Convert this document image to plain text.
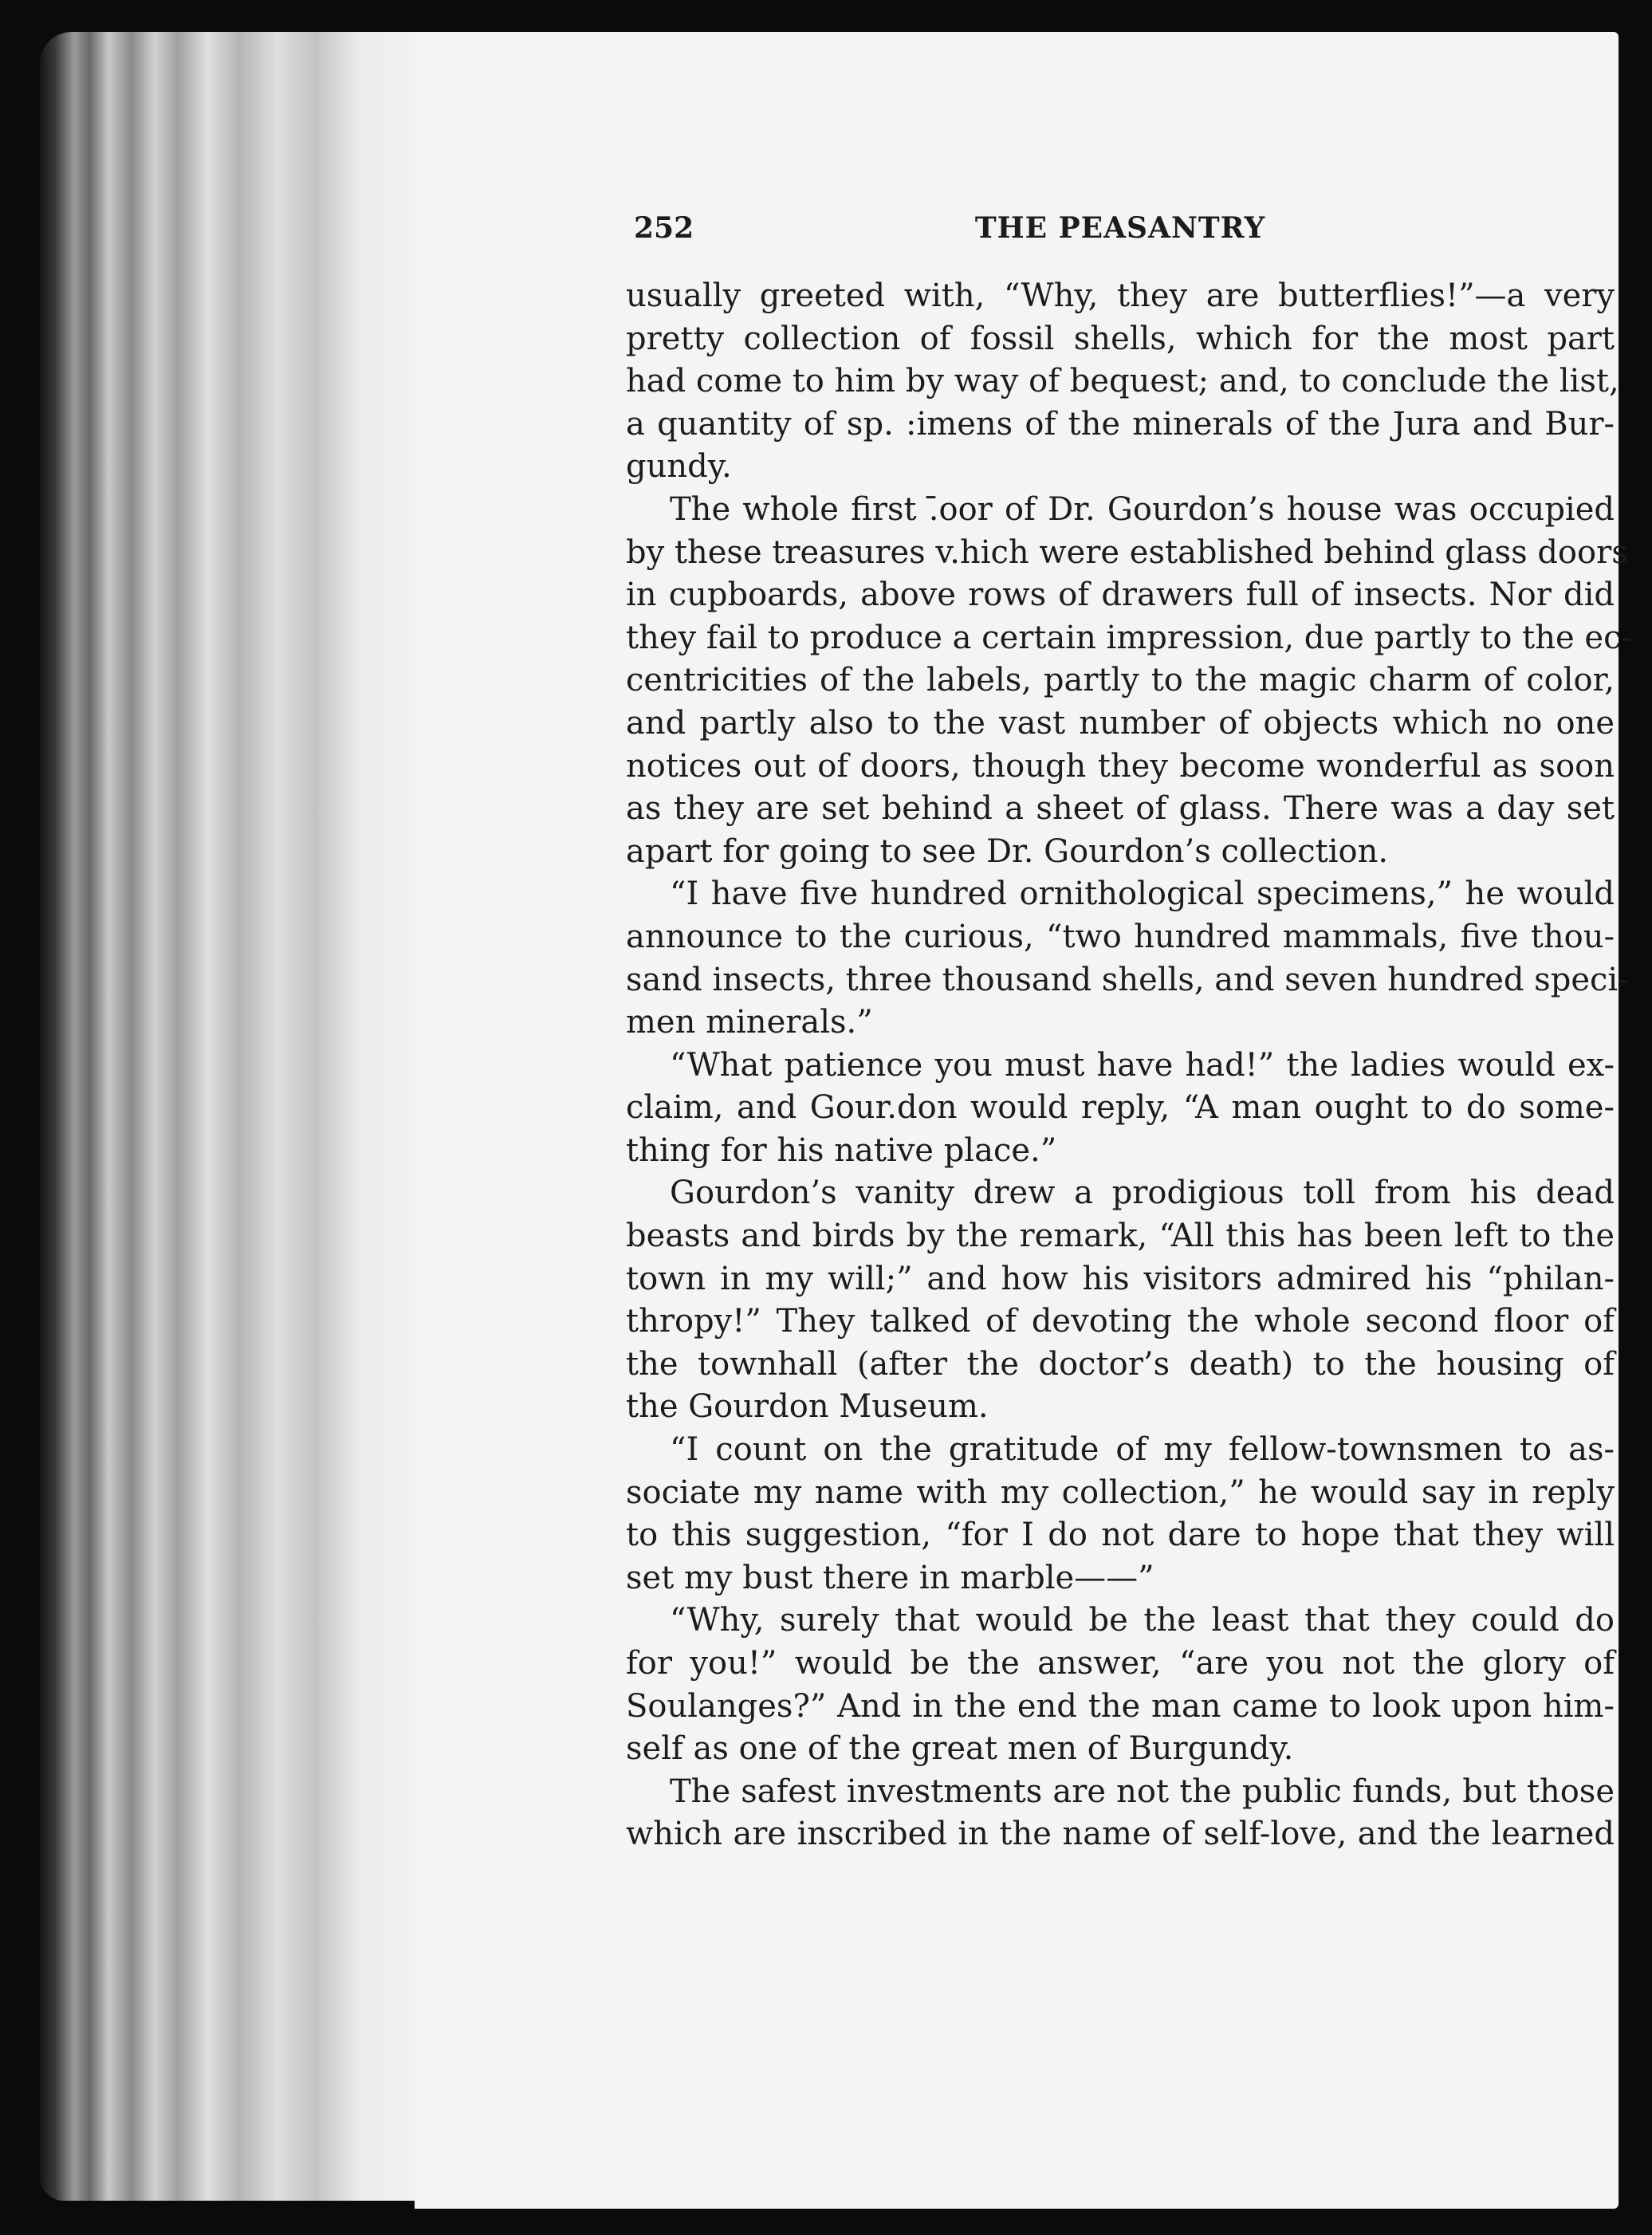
252	THE PEASANTRY
usually greeted with, “Why, they are butterflies!”—a very
pretty collection of fossil shells, which for the most part
had come to him by way of bequest; and, to conclude the list,
a quantity of sp. :imens of the minerals of the Jura and Bur-
gundy.
The whole first .̄oor of Dr. Gourdon’s house was occupied
by these treasures v.hich were established behind glass doors
in cupboards, above rows of drawers full of insects. Nor did
they fail to produce a certain impression, due partly to the ec-
centricities of the labels, partly to the magic charm of color,
and partly also to the vast number of objects which no one
notices out of doors, though they become wonderful as soon
as they are set behind a sheet of glass. There was a day set
apart for going to see Dr. Gourdon’s collection.
“I have five hundred ornithological specimens,” he would
announce to the curious, “two hundred mammals, five thou-
sand insects, three thousand shells, and seven hundred speci-
men minerals.”
“What patience you must have had!” the ladies would ex-
claim, and Gour.don would reply, “A man ought to do some-
thing for his native place.”
Gourdon’s vanity drew a prodigious toll from his dead
beasts and birds by the remark, “All this has been left to the
town in my will;” and how his visitors admired his “philan-
thropy!” They talked of devoting the whole second floor of
the townhall (after the doctor’s death) to the housing of
the Gourdon Museum.
“I count on the gratitude of my fellow-townsmen to as-
sociate my name with my collection,” he would say in reply
to this suggestion, “for I do not dare to hope that they will
set my bust there in marble——”
“Why, surely that would be the least that they could do
for you!” would be the answer, “are you not the glory of
Soulanges?” And in the end the man came to look upon him-
self as one of the great men of Burgundy.
The safest investments are not the public funds, but those
which are inscribed in the name of self-love, and the learned
